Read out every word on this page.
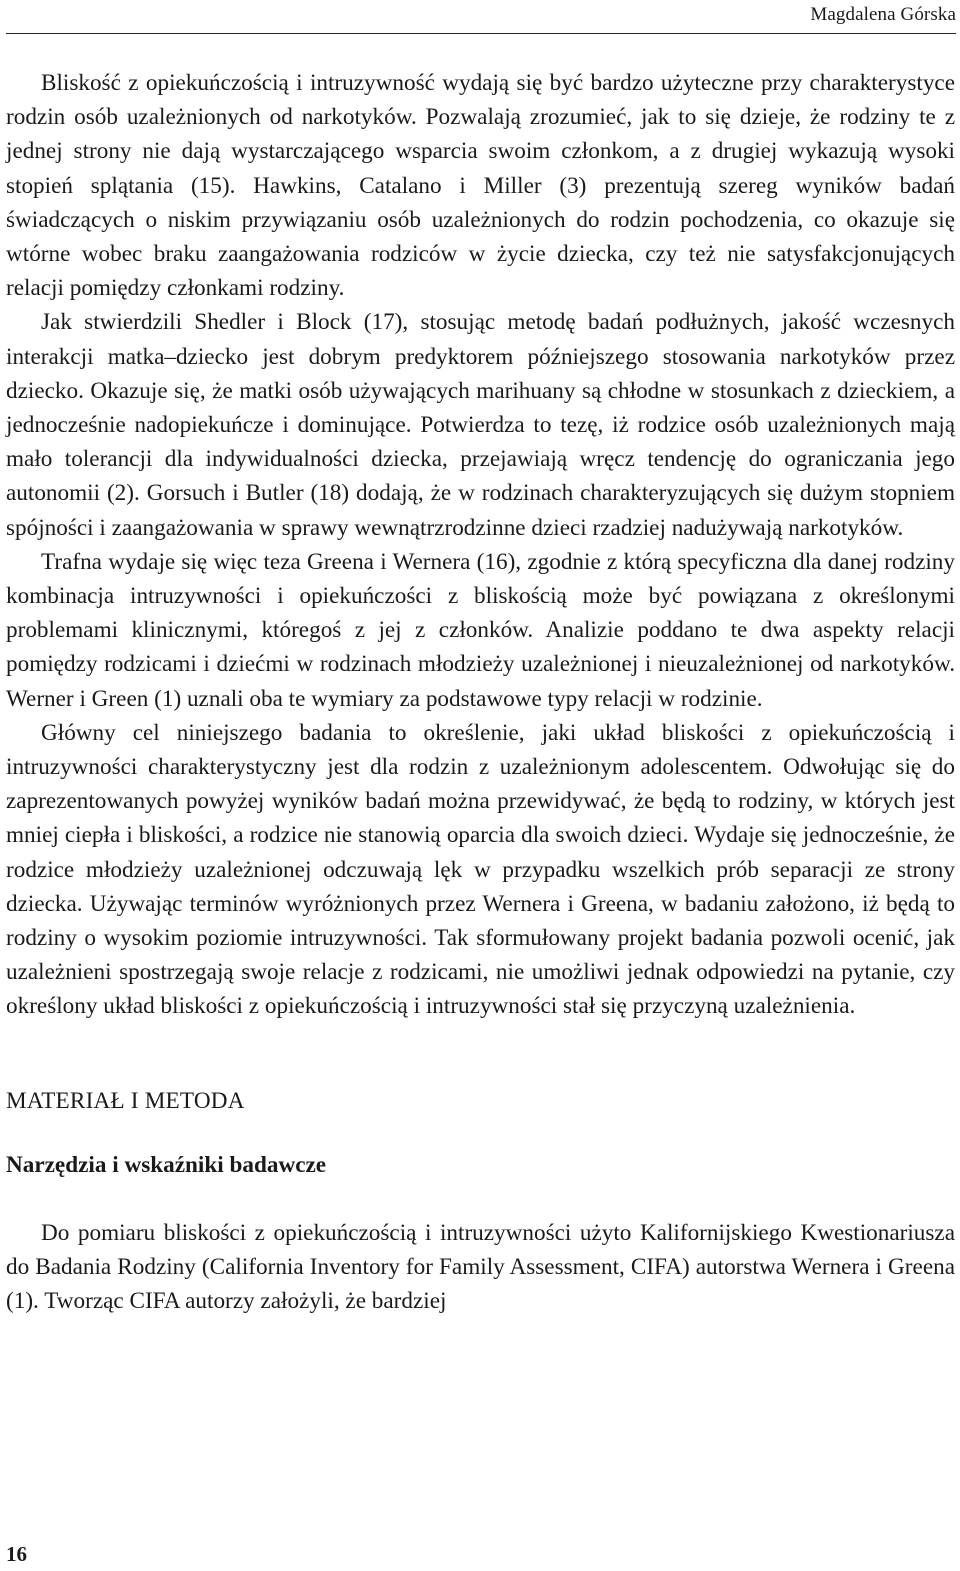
Magdalena Górska

Bliskość z opiekuńczością i intruzywność wydają się być bardzo użyteczne przy charakterystyce rodzin osób uzależnionych od narkotyków. Pozwalają zrozumieć, jak to się dzieje, że rodziny te z jednej strony nie dają wystarczającego wsparcia swoim członkom, a z drugiej wykazują wysoki stopień splątania (15). Hawkins, Catalano i Miller (3) prezentują szereg wyników badań świadczących o niskim przywiązaniu osób uzależnionych do rodzin pochodzenia, co okazuje się wtórne wobec braku zaangażowania rodziców w życie dziecka, czy też nie satysfakcjonujących relacji pomiędzy członkami rodziny.

Jak stwierdzili Shedler i Block (17), stosując metodę badań podłużnych, jakość wczesnych interakcji matka–dziecko jest dobrym predyktorem późniejszego stosowania narkotyków przez dziecko. Okazuje się, że matki osób używających marihuany są chłodne w stosunkach z dzieckiem, a jednocześnie nadopiekuńcze i dominujące. Potwierdza to tezę, iż rodzice osób uzależnionych mają mało tolerancji dla indywidualności dziecka, przejawiają wręcz tendencję do ograniczania jego autonomii (2). Gorsuch i Butler (18) dodają, że w rodzinach charakteryzujących się dużym stopniem spójności i zaangażowania w sprawy wewnątrzrodzinne dzieci rzadziej nadużywają narkotyków.

Trafna wydaje się więc teza Greena i Wernera (16), zgodnie z którą specyficzna dla danej rodziny kombinacja intruzywności i opiekuńczości z bliskością może być powiązana z określonymi problemami klinicznymi, któregoś z jej z członków. Analizie poddano te dwa aspekty relacji pomiędzy rodzicami i dziećmi w rodzinach młodzieży uzależnionej i nieuzależnionej od narkotyków. Werner i Green (1) uznali oba te wymiary za podstawowe typy relacji w rodzinie.

Główny cel niniejszego badania to określenie, jaki układ bliskości z opiekuńczością i intruzywności charakterystyczny jest dla rodzin z uzależnionym adolescentem. Odwołując się do zaprezentowanych powyżej wyników badań można przewidywać, że będą to rodziny, w których jest mniej ciepła i bliskości, a rodzice nie stanowią oparcia dla swoich dzieci. Wydaje się jednocześnie, że rodzice młodzieży uzależnionej odczuwają lęk w przypadku wszelkich prób separacji ze strony dziecka. Używając terminów wyróżnionych przez Wernera i Greena, w badaniu założono, iż będą to rodziny o wysokim poziomie intruzywności. Tak sformułowany projekt badania pozwoli ocenić, jak uzależnieni spostrzegają swoje relacje z rodzicami, nie umożliwi jednak odpowiedzi na pytanie, czy określony układ bliskości z opiekuńczością i intruzywności stał się przyczyną uzależnienia.

MATERIAŁ I METODA
Narzędzia i wskaźniki badawcze

Do pomiaru bliskości z opiekuńczością i intruzywności użyto Kalifornijskiego Kwestionariusza do Badania Rodziny (California Inventory for Family Assessment, CIFA) autorstwa Wernera i Greena (1). Tworząc CIFA autorzy założyli, że bardziej

16
